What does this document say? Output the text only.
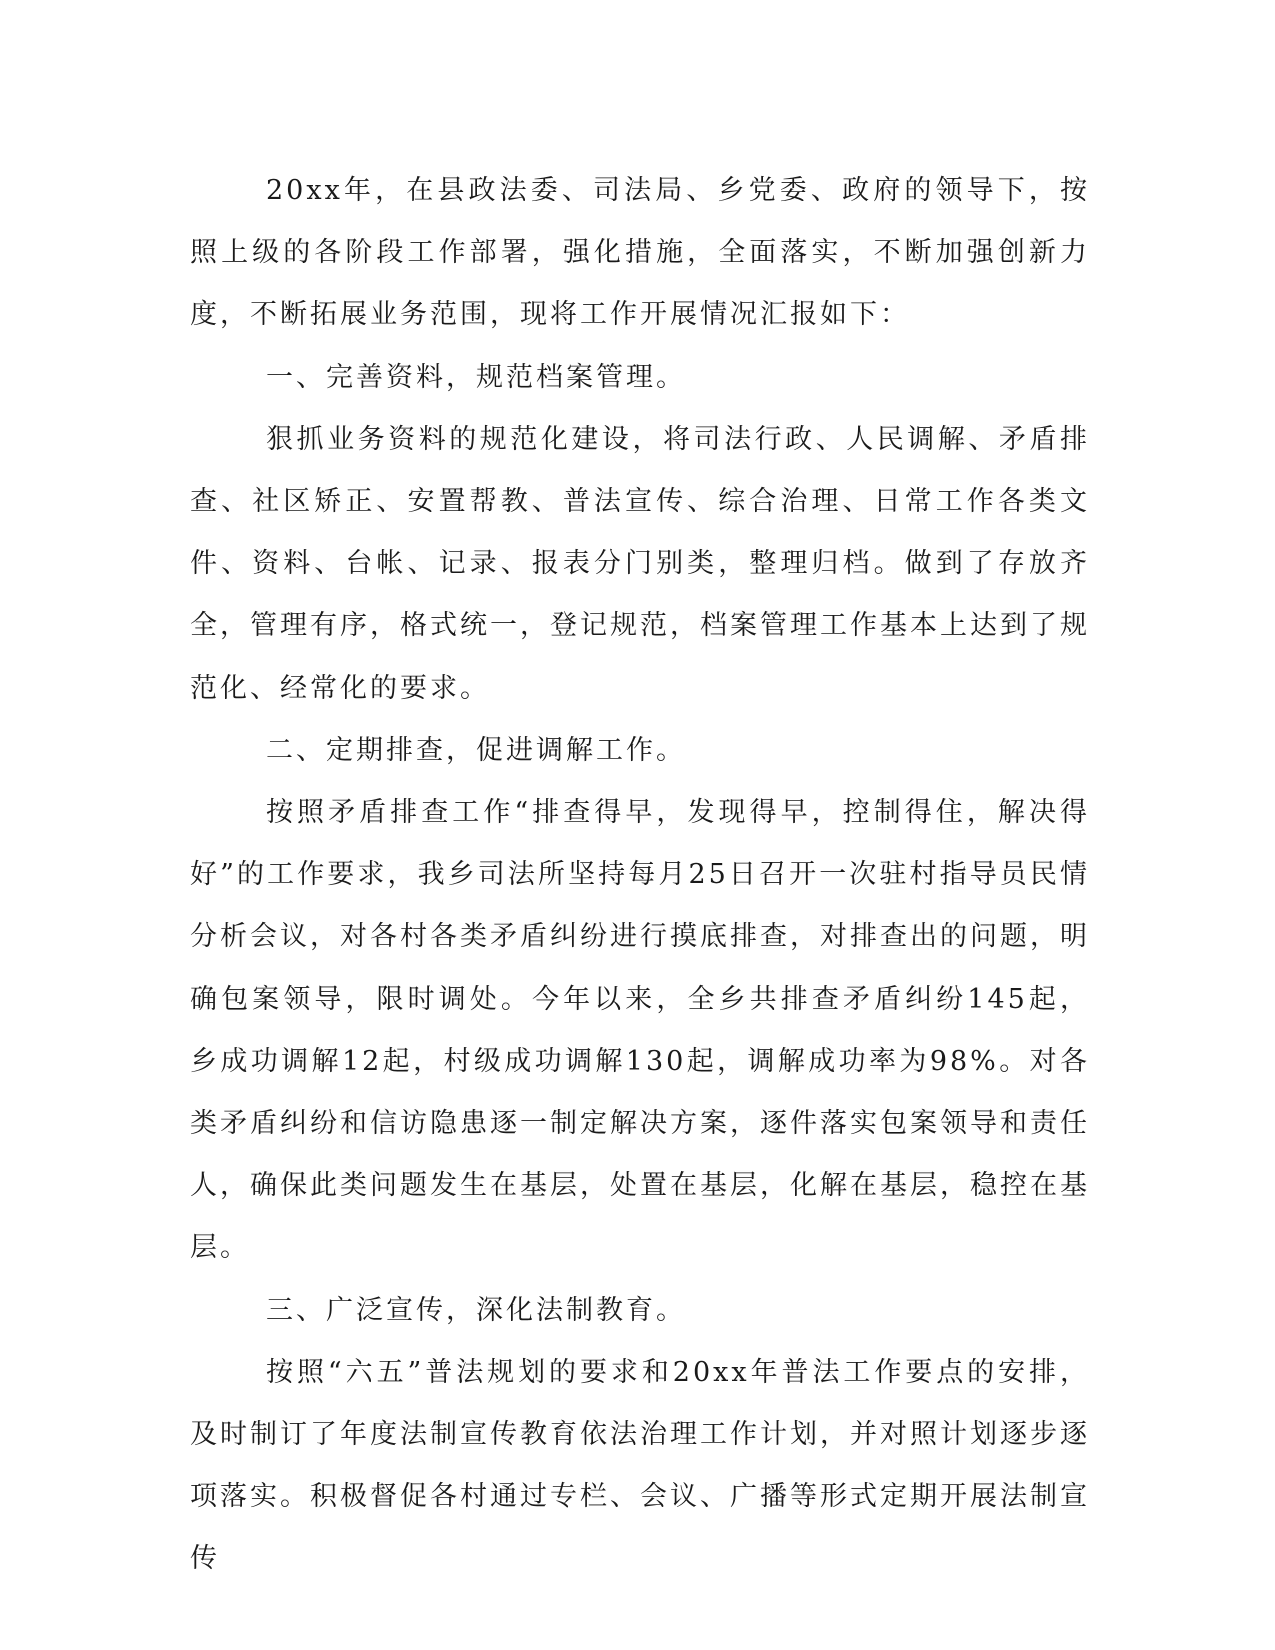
20xx年，在县政法委、司法局、乡党委、政府的领导下，按照上级的各阶段工作部署，强化措施，全面落实，不断加强创新力度，不断拓展业务范围，现将工作开展情况汇报如下：

一、完善资料，规范档案管理。

狠抓业务资料的规范化建设，将司法行政、人民调解、矛盾排查、社区矫正、安置帮教、普法宣传、综合治理、日常工作各类文件、资料、台帐、记录、报表分门别类，整理归档。做到了存放齐全，管理有序，格式统一，登记规范，档案管理工作基本上达到了规范化、经常化的要求。

二、定期排查，促进调解工作。

按照矛盾排查工作“排查得早，发现得早，控制得住，解决得好”的工作要求，我乡司法所坚持每月25日召开一次驻村指导员民情分析会议，对各村各类矛盾纠纷进行摸底排查，对排查出的问题，明确包案领导，限时调处。今年以来，全乡共排查矛盾纠纷145起，乡成功调解12起，村级成功调解130起，调解成功率为98%。对各类矛盾纠纷和信访隐患逐一制定解决方案，逐件落实包案领导和责任人，确保此类问题发生在基层，处置在基层，化解在基层，稳控在基层。

三、广泛宣传，深化法制教育。

按照“六五”普法规划的要求和20xx年普法工作要点的安排，及时制订了年度法制宣传教育依法治理工作计划，并对照计划逐步逐项落实。积极督促各村通过专栏、会议、广播等形式定期开展法制宣传
